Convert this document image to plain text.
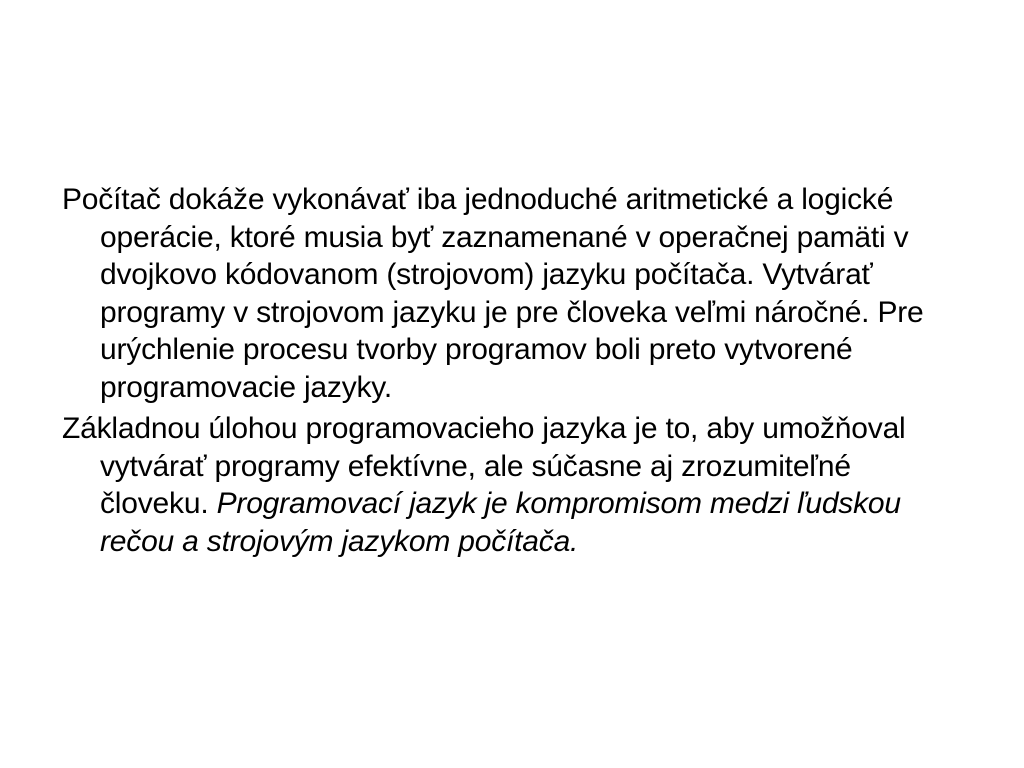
Počítač dokáže vykonávať iba jednoduché aritmetické a logické operácie, ktoré musia byť zaznamenané v operačnej pamäti v dvojkovo kódovanom (strojovom) jazyku počítača. Vytvárať programy v strojovom jazyku je pre človeka veľmi náročné. Pre urýchlenie procesu tvorby programov boli preto vytvorené programovacie jazyky.

Základnou úlohou programovacieho jazyka je to, aby umožňoval vytvárať programy efektívne, ale súčasne aj zrozumiteľné človeku. Programovací jazyk je kompromisom medzi ľudskou rečou a strojovým jazykom počítača.
